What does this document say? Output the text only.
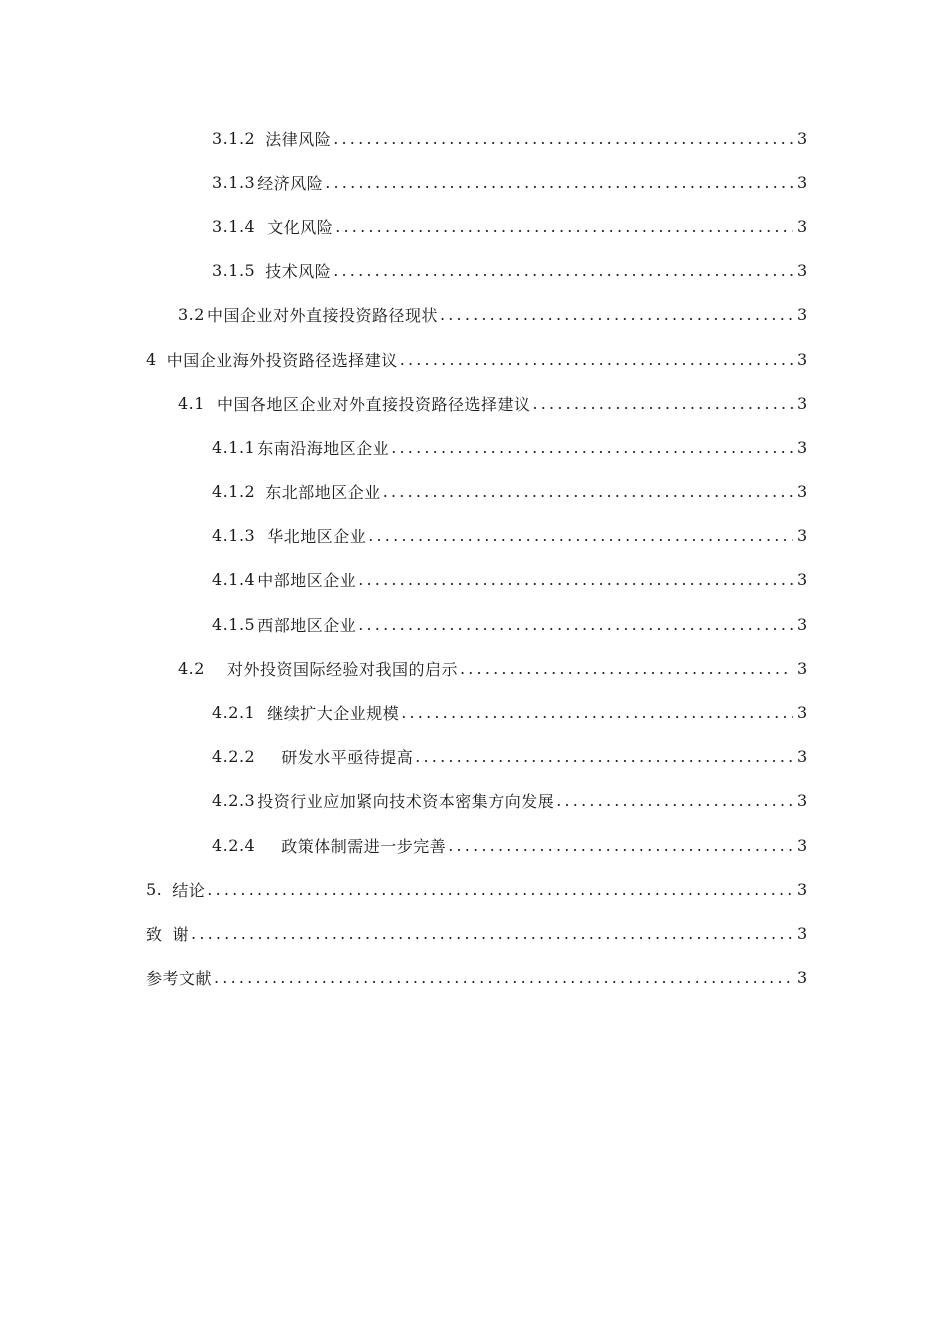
3.1.2 法律风险 .....	3
3.1.3 经济风险 .....	3
3.1.4 文化风险 .....	3
3.1.5 技术风险 .....	3
3.2 中国企业对外直接投资路径现状 .....	3
4 中国企业海外投资路径选择建议 .....	3
4.1 中国各地区企业对外直接投资路径选择建议 .....	3
4.1.1 东南沿海地区企业 .....	3
4.1.2 东北部地区企业 .....	3
4.1.3 华北地区企业 .....	3
4.1.4 中部地区企业 .....	3
4.1.5 西部地区企业 .....	3
4.2 对外投资国际经验对我国的启示 .....	3
4.2.1 继续扩大企业规模 .....	3
4.2.2 研发水平亟待提高 .....	3
4.2.3 投资行业应加紧向技术资本密集方向发展 .....	3
4.2.4 政策体制需进一步完善 .....	3
5. 结论 .....	3
致 谢 .....	3
参考文献 .....	3
